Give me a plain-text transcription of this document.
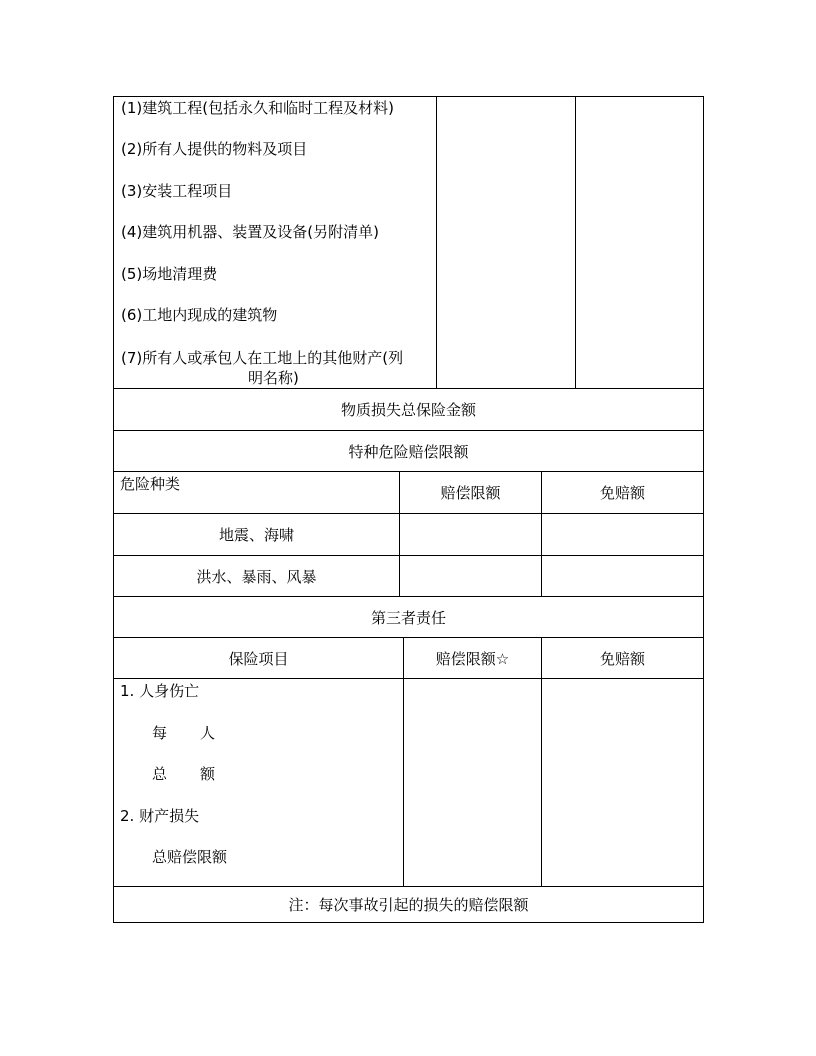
(1)建筑工程(包括永久和临时工程及材料)

(2)所有人提供的物料及项目

(3)安装工程项目

(4)建筑用机器、装置及设备(另附清单)

(5)场地清理费

(6)工地内现成的建筑物

(7)所有人或承包人在工地上的其他财产(列

明名称)

物质损失总保险金额
特种危险赔偿限额
危险种类	赔偿限额	免赔额
地震、海啸
洪水、暴雨、风暴
第三者责任
保险项目	赔偿限额☆	免赔额
1. 人身伤亡
每 人
总 额
2. 财产损失
总赔偿限额
注：每次事故引起的损失的赔偿限额
